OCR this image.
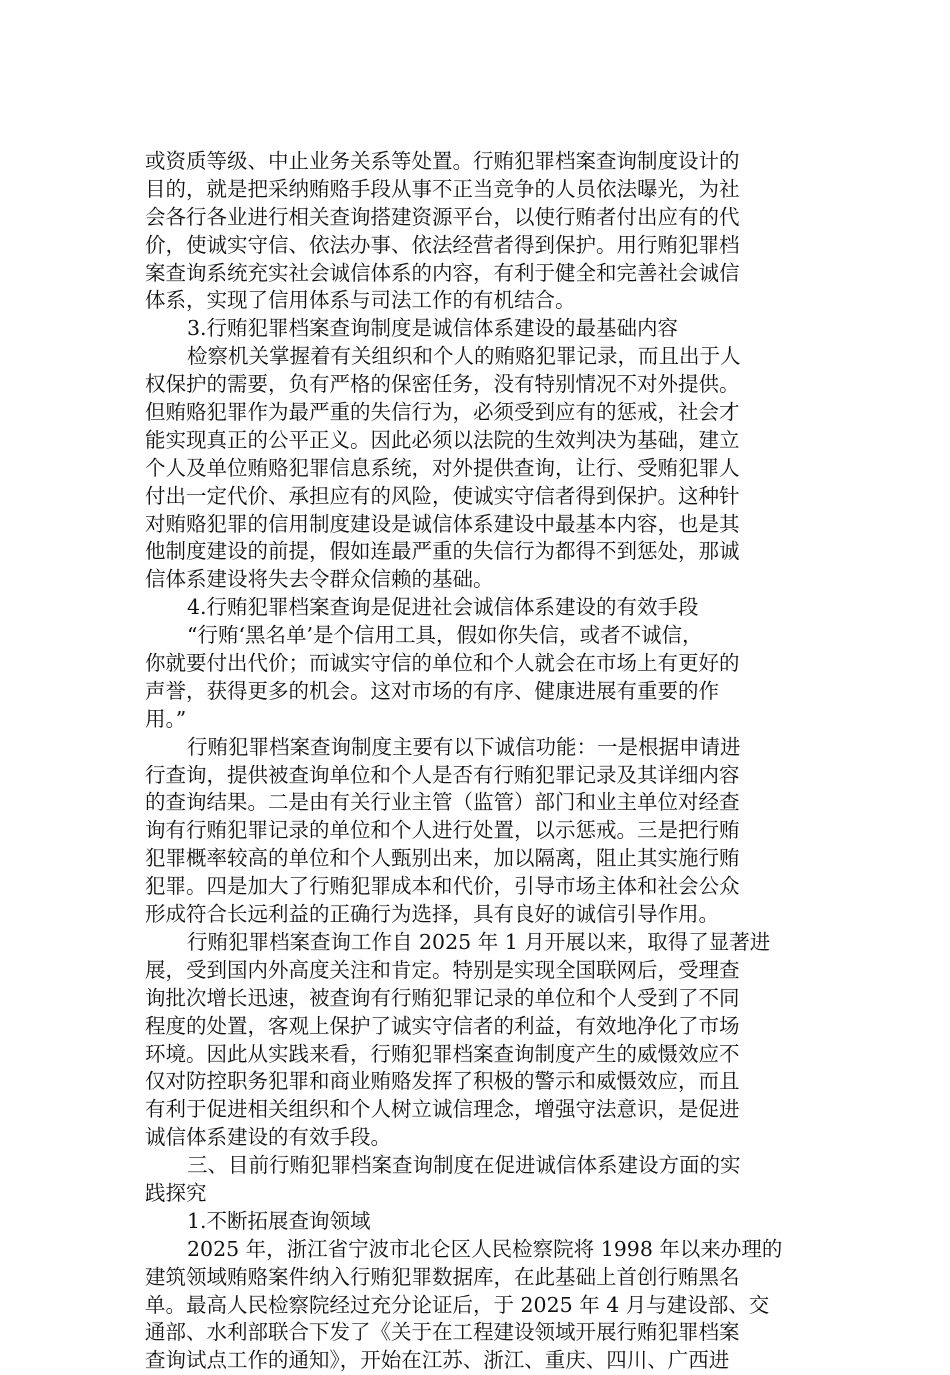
或资质等级、中止业务关系等处置。行贿犯罪档案查询制度设计的
目的，就是把采纳贿赂手段从事不正当竞争的人员依法曝光，为社
会各行各业进行相关查询搭建资源平台，以使行贿者付出应有的代
价，使诚实守信、依法办事、依法经营者得到保护。用行贿犯罪档
案查询系统充实社会诚信体系的内容，有利于健全和完善社会诚信
体系，实现了信用体系与司法工作的有机结合。
3.行贿犯罪档案查询制度是诚信体系建设的最基础内容
检察机关掌握着有关组织和个人的贿赂犯罪记录，而且出于人
权保护的需要，负有严格的保密任务，没有特别情况不对外提供。
但贿赂犯罪作为最严重的失信行为，必须受到应有的惩戒，社会才
能实现真正的公平正义。因此必须以法院的生效判决为基础，建立
个人及单位贿赂犯罪信息系统，对外提供查询，让行、受贿犯罪人
付出一定代价、承担应有的风险，使诚实守信者得到保护。这种针
对贿赂犯罪的信用制度建设是诚信体系建设中最基本内容，也是其
他制度建设的前提，假如连最严重的失信行为都得不到惩处，那诚
信体系建设将失去令群众信赖的基础。
4.行贿犯罪档案查询是促进社会诚信体系建设的有效手段
“行贿‘黑名单’是个信用工具，假如你失信，或者不诚信，
你就要付出代价；而诚实守信的单位和个人就会在市场上有更好的
声誉，获得更多的机会。这对市场的有序、健康进展有重要的作
用。”
行贿犯罪档案查询制度主要有以下诚信功能：一是根据申请进
行查询，提供被查询单位和个人是否有行贿犯罪记录及其详细内容
的查询结果。二是由有关行业主管（监管）部门和业主单位对经查
询有行贿犯罪记录的单位和个人进行处置，以示惩戒。三是把行贿
犯罪概率较高的单位和个人甄别出来，加以隔离，阻止其实施行贿
犯罪。四是加大了行贿犯罪成本和代价，引导市场主体和社会公众
形成符合长远利益的正确行为选择，具有良好的诚信引导作用。
行贿犯罪档案查询工作自 2025 年 1 月开展以来，取得了显著进
展，受到国内外高度关注和肯定。特别是实现全国联网后，受理查
询批次增长迅速，被查询有行贿犯罪记录的单位和个人受到了不同
程度的处置，客观上保护了诚实守信者的利益，有效地净化了市场
环境。因此从实践来看，行贿犯罪档案查询制度产生的威慑效应不
仅对防控职务犯罪和商业贿赂发挥了积极的警示和威慑效应，而且
有利于促进相关组织和个人树立诚信理念，增强守法意识，是促进
诚信体系建设的有效手段。
三、目前行贿犯罪档案查询制度在促进诚信体系建设方面的实
践探究
1.不断拓展查询领域
2025 年，浙江省宁波市北仑区人民检察院将 1998 年以来办理的
建筑领域贿赂案件纳入行贿犯罪数据库，在此基础上首创行贿黑名
单。最高人民检察院经过充分论证后，于 2025 年 4 月与建设部、交
通部、水利部联合下发了《关于在工程建设领域开展行贿犯罪档案
查询试点工作的通知》，开始在江苏、浙江、重庆、四川、广西进
